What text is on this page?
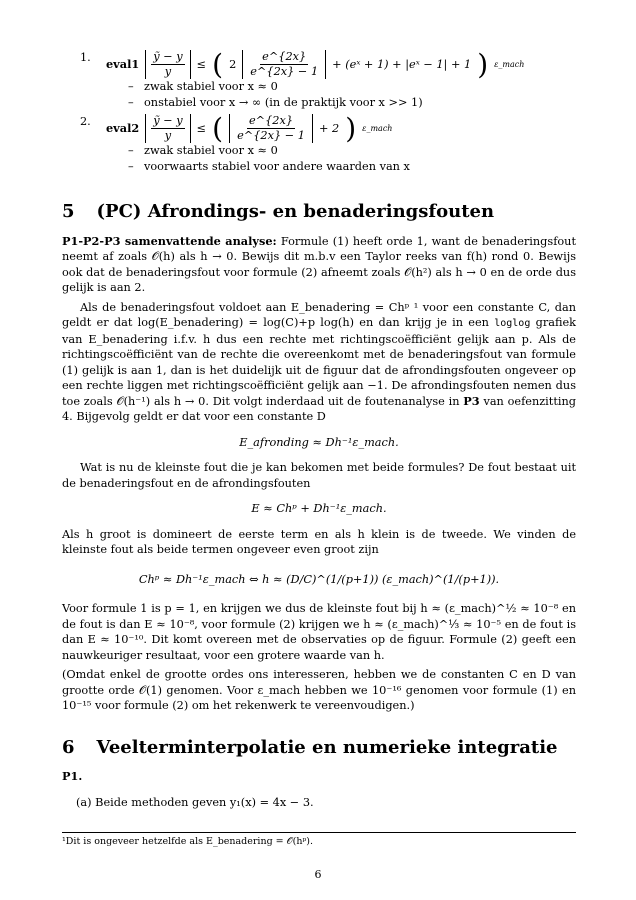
1. eval1 $\frac{\text{ỹ − y}}{y}$ ≤ ( $2 \frac{e\^{}\{2x\}}{e\^{}\{2x\} - 1}$ + (eˣ + 1) + |eˣ − 1| + 1 ) ε_mach
– zwak stabiel voor x ≈ 0
– onstabiel voor x → ∞ (in de praktijk voor x >> 1)
2. eval2 $\frac{\text{ỹ − y}}{y}$ ≤ ( $\frac{e\^{}\{2x\}}{e\^{}\{2x\} - 1} + 2$ ) ε_mach
– zwak stabiel voor x ≈ 0
– voorwaarts stabiel voor andere waarden van x
5 (PC) Afrondings- en benaderingsfouten

P1-P2-P3 samenvattende analyse: Formule (1) heeft orde 1, want de benaderingsfout neemt af zoals 𝒪(h) als h → 0. Bewijs dit m.b.v een Taylor reeks van f(h) rond 0. Bewijs ook dat de benaderingsfout voor formule (2) afneemt zoals 𝒪(h²) als h → 0 en de orde dus gelijk is aan 2.

Als de benaderingsfout voldoet aan E_benadering = Chᵖ ¹ voor een constante C, dan geldt er dat log(E_benadering) = log(C)+p log(h) en dan krijg je in een loglog grafiek van E_benadering i.f.v. h dus een rechte met richtingscoëfficiënt gelijk aan p. Als de richtingscoëfficiënt van de rechte die overeenkomt met de benaderingsfout van formule (1) gelijk is aan 1, dan is het duidelijk uit de figuur dat de afrondingsfouten ongeveer op een rechte liggen met richtingscoëfficiënt gelijk aan −1. De afrondingsfouten nemen dus toe zoals 𝒪(h⁻¹) als h → 0. Dit volgt inderdaad uit de foutenanalyse in P3 van oefenzitting 4. Bijgevolg geldt er dat voor een constante D

E_afronding ≈ Dh⁻¹ε_mach.

Wat is nu de kleinste fout die je kan bekomen met beide formules? De fout bestaat uit de benaderingsfout en de afrondingsfouten

E ≈ Chᵖ + Dh⁻¹ε_mach.

Als h groot is domineert de eerste term en als h klein is de tweede. We vinden de kleinste fout als beide termen ongeveer even groot zijn

Chᵖ ≈ Dh⁻¹ε_mach ⇔ h ≈ (D/C)^(1/(p+1)) (ε_mach)^(1/(p+1)).

Voor formule 1 is p = 1, en krijgen we dus de kleinste fout bij h ≈ (ε_mach)^½ ≈ 10⁻⁸ en de fout is dan E ≈ 10⁻⁸, voor formule (2) krijgen we h ≈ (ε_mach)^⅓ ≈ 10⁻⁵ en de fout is dan E ≈ 10⁻¹⁰. Dit komt overeen met de observaties op de figuur. Formule (2) geeft een nauwkeuriger resultaat, voor een grotere waarde van h.

(Omdat enkel de grootte ordes ons interesseren, hebben we de constanten C en D van grootte orde 𝒪(1) genomen. Voor ε_mach hebben we 10⁻¹⁶ genomen voor formule (1) en 10⁻¹⁵ voor formule (2) om het rekenwerk te vereenvoudigen.)

6 Veelterminterpolatie en numerieke integratie
P1.
(a) Beide methoden geven y₁(x) = 4x − 3.
¹Dit is ongeveer hetzelfde als E_benadering = 𝒪(hᵖ).
6
